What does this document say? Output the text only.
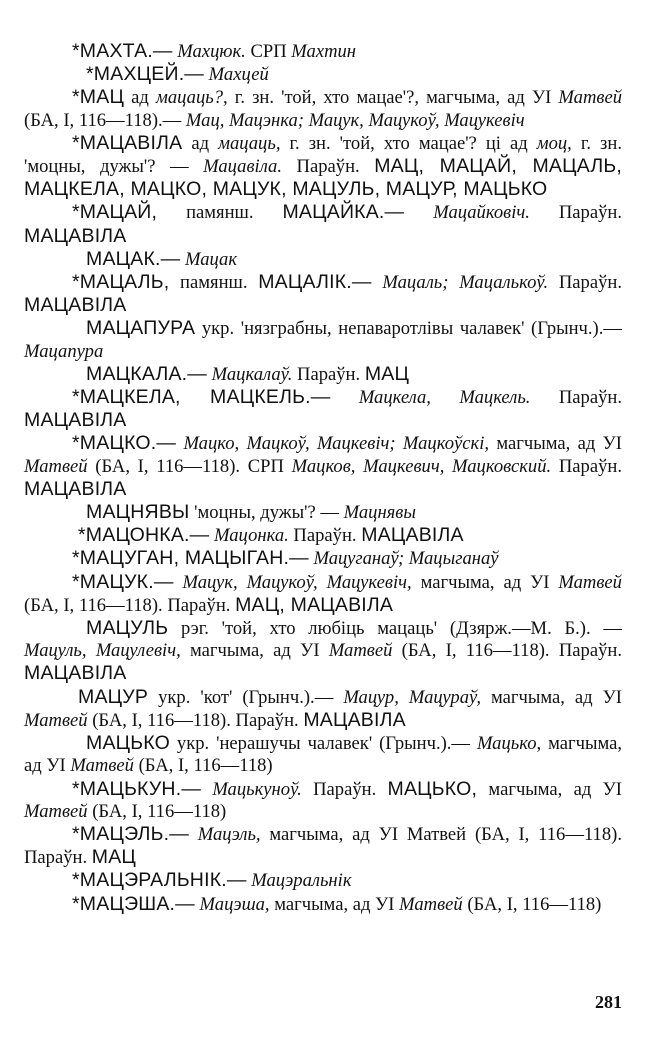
*МАХТА.— Махцюк. СРП Махтин

*МАХЦЕЙ.— Махцей

*МАЦ ад мацаць?, г. зн. 'той, хто мацае'?, магчыма, ад УІ Матвей (БА, І, 116—118).— Мац, Мацэнка; Мацук, Мацукоў, Мацукевіч

*МАЦАВІЛА ад мацаць, г. зн. 'той, хто мацае'? ці ад моц, г. зн. 'моцны, дужы'? — Мацавіла. Параўн. МАЦ, МАЦАЙ, МАЦАЛЬ, МАЦКЕЛА, МАЦКО, МАЦУК, МАЦУЛЬ, МАЦУР, МАЦЬКО

*МАЦАЙ, памянш. МАЦАЙКА.— Мацайковіч. Параўн. МАЦАВІЛА

МАЦАК.— Мацак

*МАЦАЛЬ, памянш. МАЦАЛІК.— Мацаль; Мацалькоў. Параўн. МАЦАВІЛА

МАЦАПУРА укр. 'нязграбны, непаваротлівы чалавек' (Грынч.).— Мацапура

МАЦКАЛА.— Мацкалаў. Параўн. МАЦ

*МАЦКЕЛА, МАЦКЕЛЬ.— Мацкела, Мацкель. Параўн. МАЦАВІЛА

*МАЦКО.— Мацко, Мацкоў, Мацкевіч; Мацкоўскі, магчыма, ад УІ Матвей (БА, І, 116—118). СРП Мацков, Мацкевич, Мацковский. Параўн. МАЦАВІЛА

МАЦНЯВЫ 'моцны, дужы'? — Мацнявы

*МАЦОНКА.— Мацонка. Параўн. МАЦАВІЛА

*МАЦУГАН, МАЦЫГАН.— Мацуганаў; Мацыганаў

*МАЦУК.— Мацук, Мацукоў, Мацукевіч, магчыма, ад УІ Матвей (БА, І, 116—118). Параўн. МАЦ, МАЦАВІЛА

МАЦУЛЬ рэг. 'той, хто любіць мацаць' (Дзярж.—М. Б.). — Мацуль, Мацулевіч, магчыма, ад УІ Матвей (БА, І, 116—118). Параўн. МАЦАВІЛА

МАЦУР укр. 'кот' (Грынч.).— Мацур, Мацураў, магчыма, ад УІ Матвей (БА, І, 116—118). Параўн. МАЦАВІЛА

МАЦЬКО укр. 'нерашучы чалавек' (Грынч.).— Мацько, магчыма, ад УІ Матвей (БА, І, 116—118)

*МАЦЬКУН.— Мацькуноў. Параўн. МАЦЬКО, магчыма, ад УІ Матвей (БА, І, 116—118)

*МАЦЭЛЬ.— Мацэль, магчыма, ад УІ Матвей (БА, І, 116—118). Параўн. МАЦ

*МАЦЭРАЛЬНІК.— Мацэральнік

*МАЦЭША.— Мацэша, магчыма, ад УІ Матвей (БА, І, 116—118)

281
